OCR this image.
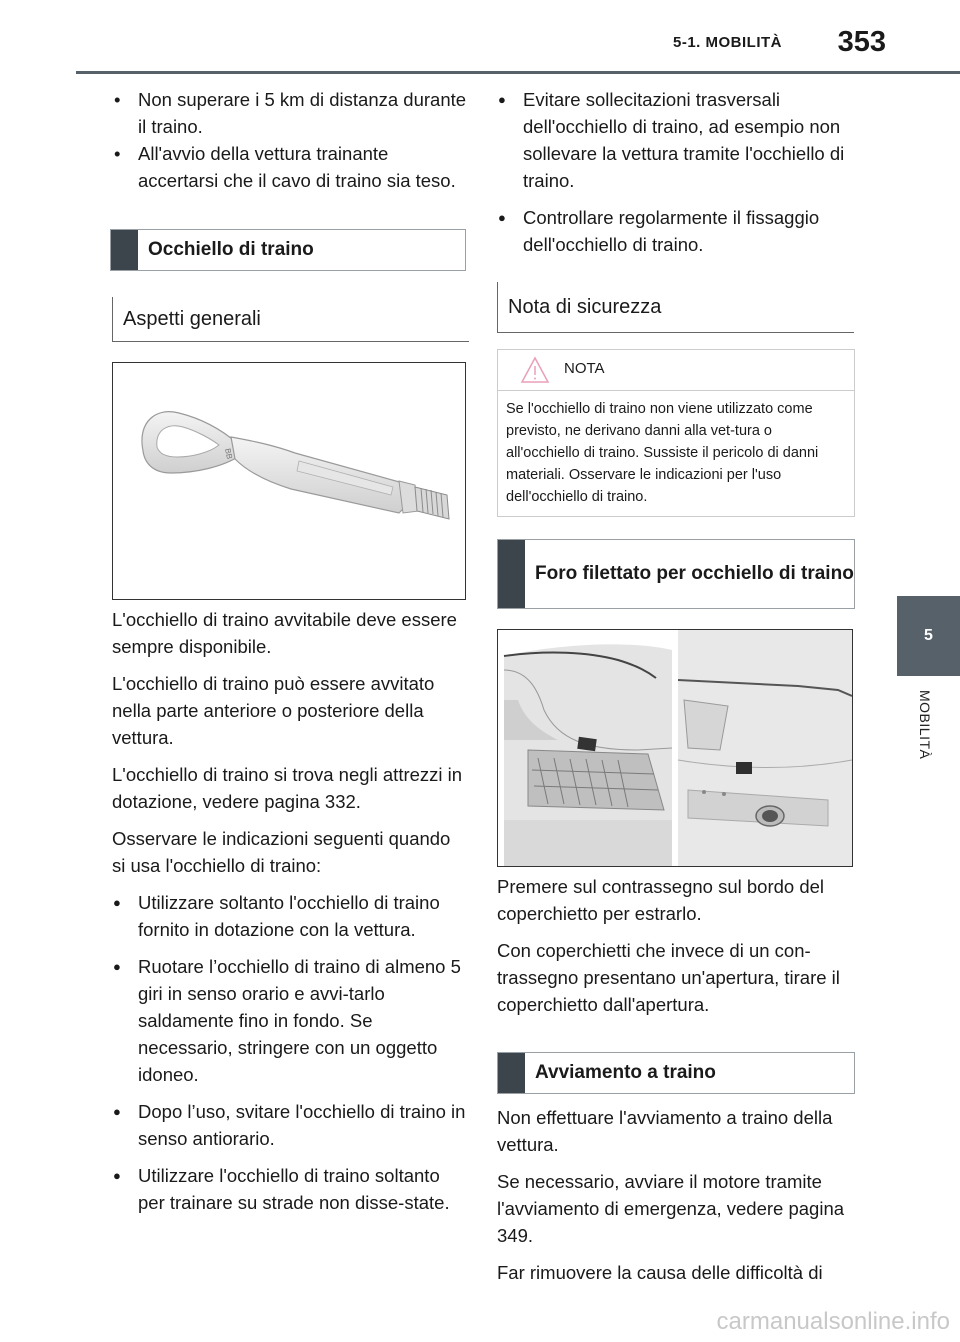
5-1. MOBILITÀ 353
5
MOBILITÀ
• Non superare i 5 km di distanza durante il traino.
• All'avvio della vettura trainante accertarsi che il cavo di traino sia teso.
Occhiello di traino
Aspetti generali
BB

L'occhiello di traino avvitabile deve essere sempre disponibile.

L'occhiello di traino può essere avvitato nella parte anteriore o posteriore della vettura.

L'occhiello di traino si trova negli attrezzi in dotazione, vedere pagina 332.

Osservare le indicazioni seguenti quando si usa l'occhiello di traino:

● Utilizzare soltanto l'occhiello di traino fornito in dotazione con la vettura.
● Ruotare l’occhiello di traino di almeno 5 giri in senso orario e avvi-tarlo saldamente fino in fondo. Se necessario, stringere con un oggetto idoneo.
● Dopo l’uso, svitare l'occhiello di traino in senso antiorario.
● Utilizzare l'occhiello di traino soltanto per trainare su strade non disse-state.
● Evitare sollecitazioni trasversali dell'occhiello di traino, ad esempio non sollevare la vettura tramite l'occhiello di traino.
● Controllare regolarmente il fissaggio dell'occhiello di traino.
Nota di sicurezza
NOTA
Se l'occhiello di traino non viene utilizzato come previsto, ne derivano danni alla vet-tura o all'occhiello di traino. Sussiste il pericolo di danni materiali. Osservare le indicazioni per l'uso dell'occhiello di traino.
Foro filettato per occhiello di traino

Premere sul contrassegno sul bordo del coperchietto per estrarlo.

Con coperchietti che invece di un con-trassegno presentano un'apertura, tirare il coperchietto dall'apertura.

Avviamento a traino

Non effettuare l'avviamento a traino della vettura.

Se necessario, avviare il motore tramite l'avviamento di emergenza, vedere pagina 349.

Far rimuovere la causa delle difficoltà di

carmanualsonline.info
